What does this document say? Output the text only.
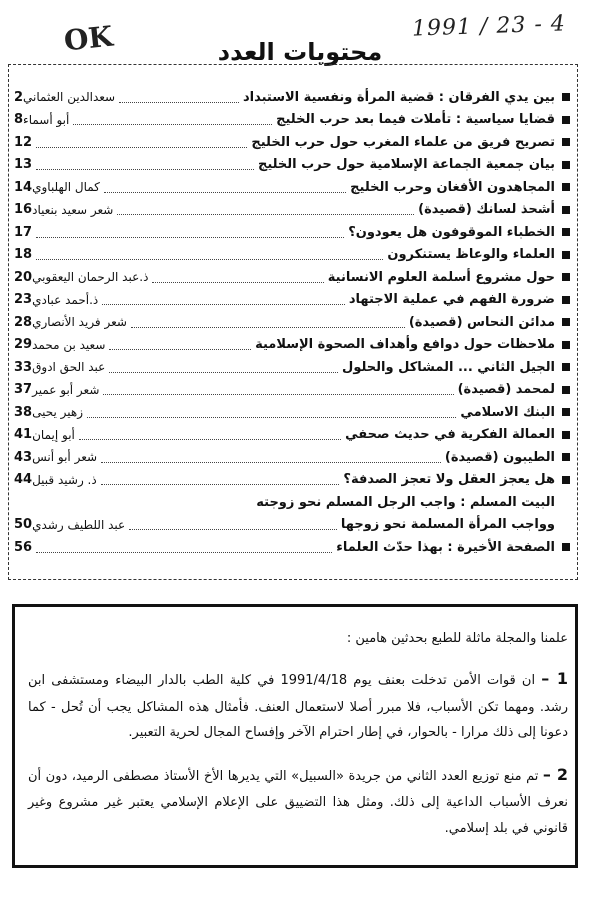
OK	1991 / 23 - 4
محتويات العدد
بين يدي الفرقان : قضية المرأة ونفسية الاستبداد
سعدالدين العثماني
2
قضايا سياسية : تأملات فيما بعد حرب الخليج
أبو أسماء
8
تصريح فريق من علماء المغرب حول حرب الخليج
12
بيان جمعية الجماعة الإسلامية حول حرب الخليج
13
المجاهدون الأفغان وحرب الخليج
كمال الهلباوي
14
أشحذ لسانك (قصيدة)
شعر سعيد بنعياد
16
الخطباء الموقوفون هل يعودون؟
17
العلماء والوعاظ يستنكرون
18
حول مشروع أسلمة العلوم الانسانية
ذ.عبد الرحمان اليعقوبي
20
ضرورة الفهم في عملية الاجتهاد
ذ.أحمد عبادي
23
مدائن النحاس (قصيدة)
شعر فريد الأنصاري
28
ملاحظات حول دوافع وأهداف الصحوة الإسلامية
سعيد بن محمد
29
الجيل الثاني ... المشاكل والحلول
عبد الحق ادوق
33
لمحمد (قصيدة)
شعر أبو عمير
37
البنك الاسلامي
زهير يحيى
38
العمالة الفكرية في حديث صحفي
أبو إيمان
41
الطيبون (قصيدة)
شعر أبو أنس
43
هل يعجز العقل ولا تعجز الصدفة؟
ذ. رشيد قبيل
44
البيت المسلم : واجب الرجل المسلم نحو زوجته
وواجب المرأة المسلمة نحو زوجها
عبد اللطيف رشدي
50
الصفحة الأخيرة : بهذا حدّث العلماء
56

علمنا والمجلة ماثلة للطبع بحدثين هامين :

1 – ان قوات الأمن تدخلت بعنف يوم 1991/4/18 في كلية الطب بالدار البيضاء ومستشفى ابن رشد. ومهما تكن الأسباب، فلا مبرر أصلا لاستعمال العنف. فأمثال هذه المشاكل يجب أن تُحل - كما دعونا إلى ذلك مرارا - بالحوار، في إطار احترام الآخر وإفساح المجال لحرية التعبير.

2 – تم منع توزيع العدد الثاني من جريدة «السبيل» التي يديرها الأخ الأستاذ مصطفى الرميد، دون أن نعرف الأسباب الداعية إلى ذلك. ومثل هذا التضييق على الإعلام الإسلامي يعتبر غير مشروع وغير قانوني في بلد إسلامي.
